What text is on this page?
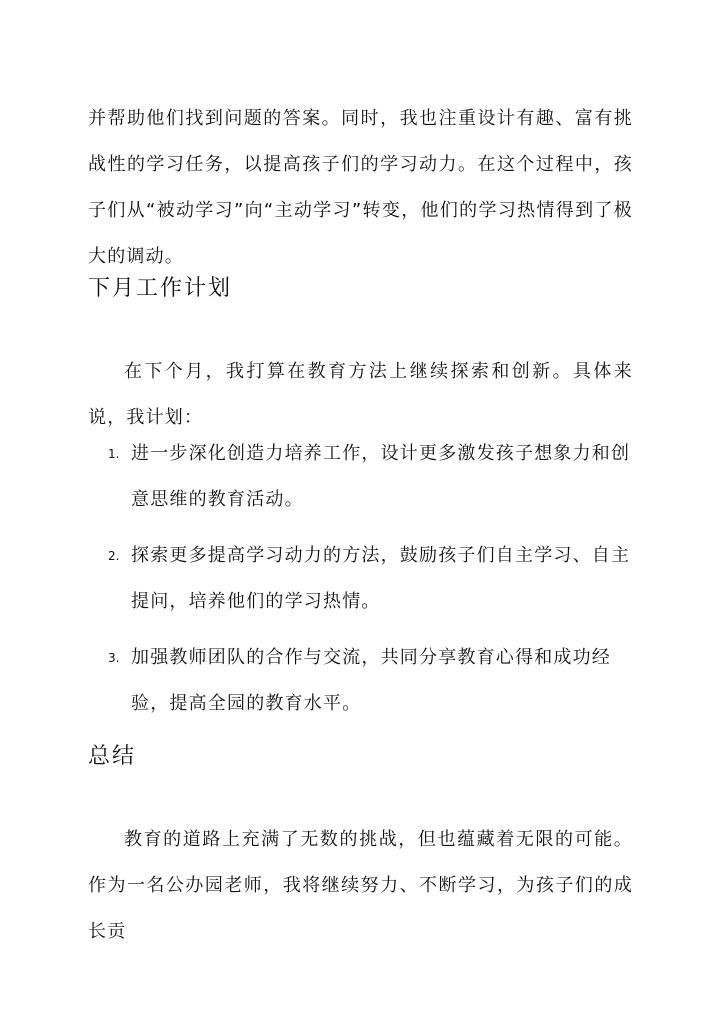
并帮助他们找到问题的答案。同时，我也注重设计有趣、富有挑战性的学习任务，以提高孩子们的学习动力。在这个过程中，孩子们从“被动学习”向“主动学习”转变，他们的学习热情得到了极大的调动。

下月工作计划

在下个月，我打算在教育方法上继续探索和创新。具体来说，我计划：

1. 进一步深化创造力培养工作，设计更多激发孩子想象力和创意思维的教育活动。
2. 探索更多提高学习动力的方法，鼓励孩子们自主学习、自主提问，培养他们的学习热情。
3. 加强教师团队的合作与交流，共同分享教育心得和成功经验，提高全园的教育水平。
总结

教育的道路上充满了无数的挑战，但也蕴藏着无限的可能。作为一名公办园老师，我将继续努力、不断学习，为孩子们的成长贡
